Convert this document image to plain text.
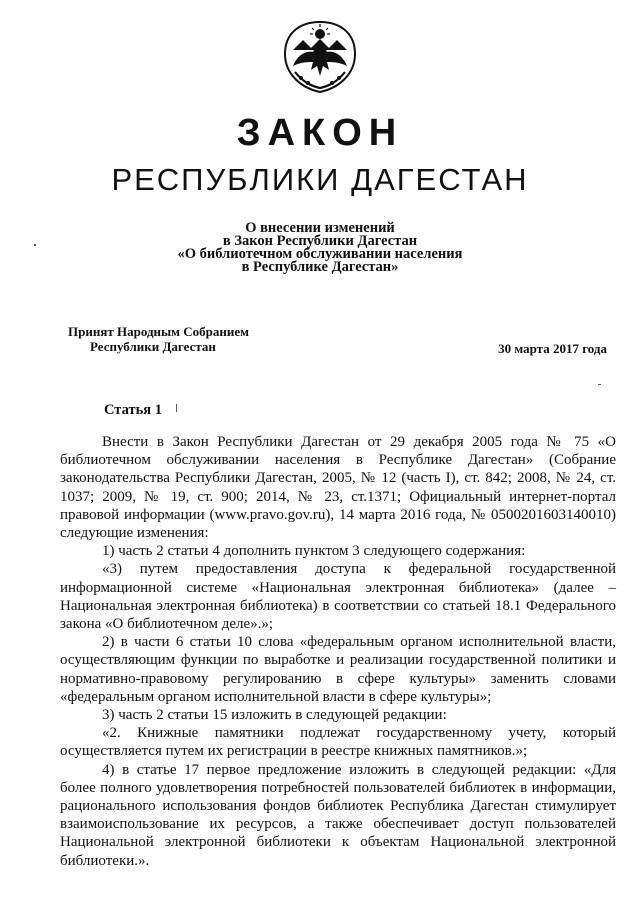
ЗАКОН
РЕСПУБЛИКИ ДАГЕСТАН
О внесении изменений
в Закон Республики Дагестан
«О библиотечном обслуживании населения
в Республике Дагестан»
Принят Народным Собранием
Республики Дагестан	30 марта 2017 года
Статья 1

Внести в Закон Республики Дагестан от 29 декабря 2005 года № 75 «О библиотечном обслуживании населения в Республике Дагестан» (Собрание законодательства Республики Дагестан, 2005, № 12 (часть I), ст. 842; 2008, № 24, ст. 1037; 2009, № 19, ст. 900; 2014, № 23, ст.1371; Официальный интернет-портал правовой информации (www.pravo.gov.ru), 14 марта 2016 года, № 0500201603140010) следующие изменения:

1) часть 2 статьи 4 дополнить пунктом 3 следующего содержания:

«3) путем предоставления доступа к федеральной государственной информационной системе «Национальная электронная библиотека» (далее – Национальная электронная библиотека) в соответствии со статьей 18.1 Федерального закона «О библиотечном деле».»;

2) в части 6 статьи 10 слова «федеральным органом исполнительной власти, осуществляющим функции по выработке и реализации государственной политики и нормативно-правовому регулированию в сфере культуры» заменить словами «федеральным органом исполнительной власти в сфере культуры»;

3) часть 2 статьи 15 изложить в следующей редакции:

«2. Книжные памятники подлежат государственному учету, который осуществляется путем их регистрации в реестре книжных памятников.»;

4) в статье 17 первое предложение изложить в следующей редакции: «Для более полного удовлетворения потребностей пользователей библиотек в информации, рационального использования фондов библиотек Республика Дагестан стимулирует взаимоиспользование их ресурсов, а также обеспечивает доступ пользователей Национальной электронной библиотеки к объектам Национальной электронной библиотеки.».
